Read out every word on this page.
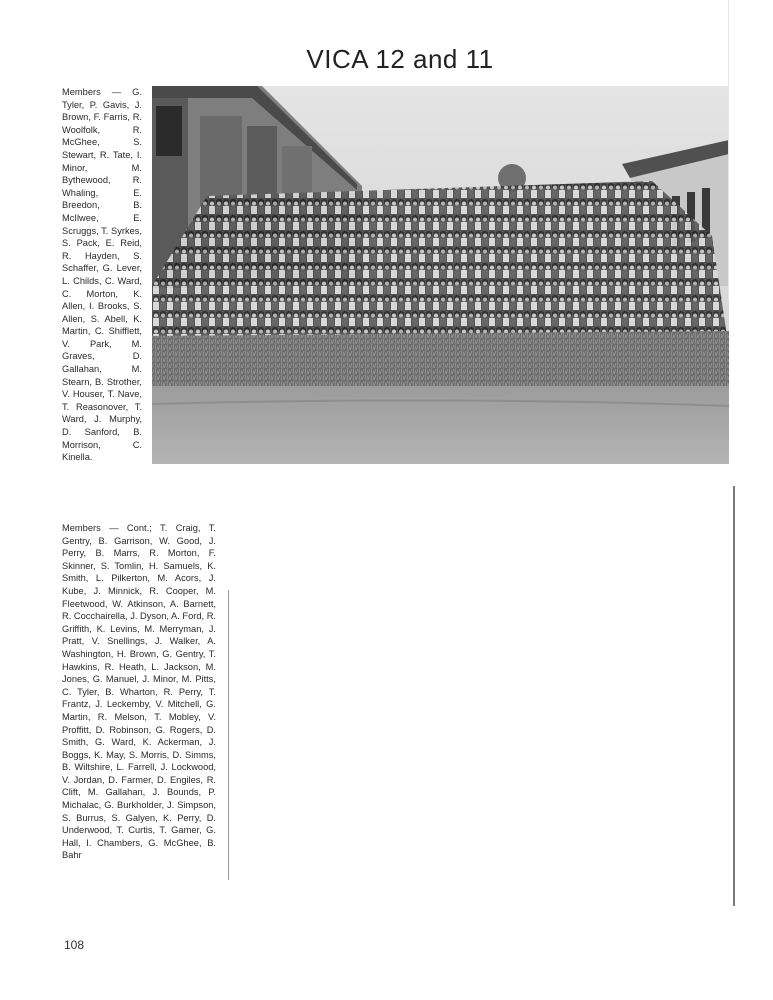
VICA 12 and 11
Members — G. Tyler, P. Gavis, J. Brown, F. Farris, R. Woolfolk, R. McGhee, S. Stewart, R. Tate, I. Minor, M. Bythewood, R. Whaling, E. Breedon, B. McIlwee, E. Scruggs, T. Syrkes, S. Pack, E. Reid, R. Hayden, S. Schaffer, G. Lever, L. Childs, C. Ward, C. Morton, K. Allen, I. Brooks, S. Allen, S. Abell, K. Martin, C. Shifflett, V. Park, M. Graves, D. Gallahan, M. Stearn, B. Strother, V. Houser, T. Nave, T. Reasonover, T. Ward, J. Murphy, D. Sanford, B. Morrison, C. Kinella.
Members — Cont.; T. Craig, T. Gentry, B. Garrison, W. Good, J. Perry, B. Marrs, R. Morton, F. Skinner, S. Tomlin, H. Samuels, K. Smith, L. Pilkerton, M. Acors, J. Kube, J. Minnick, R. Cooper, M. Fleetwood, W. Atkinson, A. Barnett, R. Cocchairella, J. Dyson, A. Ford, R. Griffith, K. Levins, M. Merryman, J. Pratt, V. Snellings, J. Walker, A. Washington, H. Brown, G. Gentry, T. Hawkins, R. Heath, L. Jackson, M. Jones, G. Manuel, J. Minor, M. Pitts, C. Tyler, B. Wharton, R. Perry, T. Frantz, J. Leckemby, V. Mitchell, G. Martin, R. Melson, T. Mobley, V. Proffitt, D. Robinson, G. Rogers, D. Smith, G. Ward, K. Ackerman, J. Boggs, K. May, S. Morris, D. Simms, B. Wiltshire, L. Farrell, J. Lockwood, V. Jordan, D. Farmer, D. Engiles, R. Clift, M. Gallahan, J. Bounds, P. Michalac, G. Burkholder, J. Simpson, S. Burrus, S. Galyen, K. Perry, D. Underwood, T. Curtis, T. Gamer, G. Hall, I. Chambers, G. McGhee, B. Bahr
108
